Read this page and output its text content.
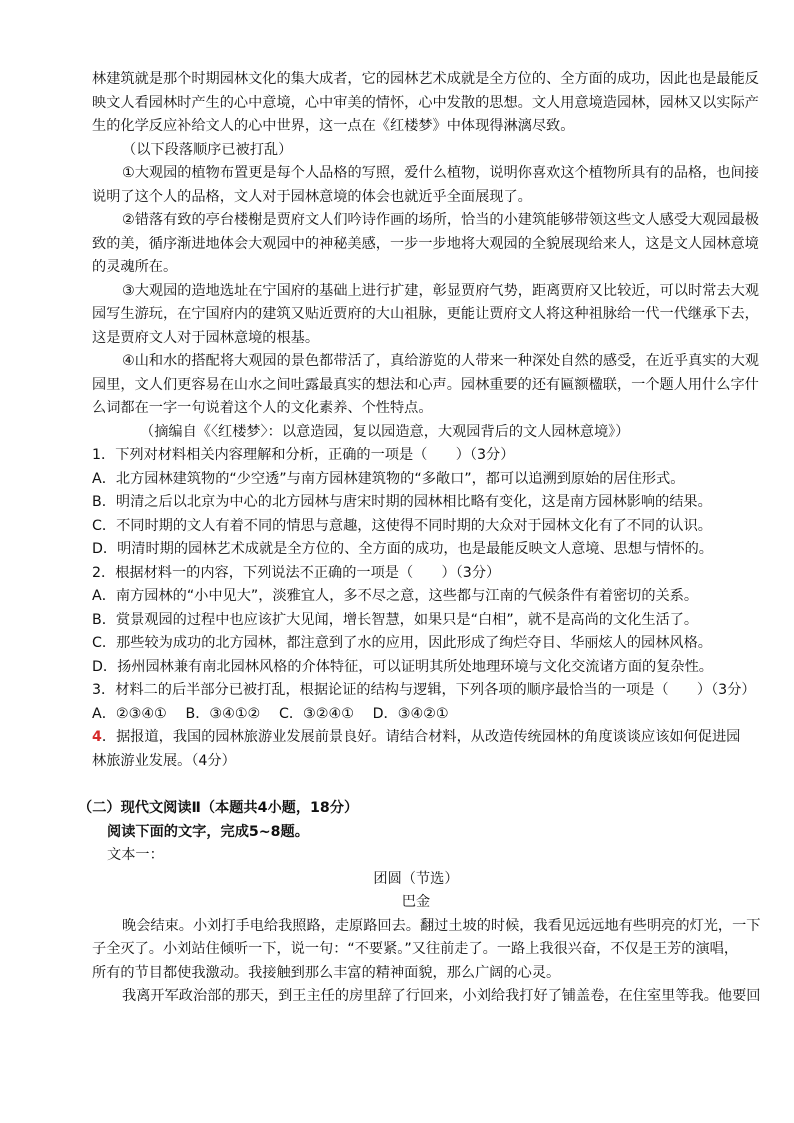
林建筑就是那个时期园林文化的集大成者，它的园林艺术成就是全方位的、全方面的成功，因此也是最能反

映文人看园林时产生的心中意境，心中审美的情怀，心中发散的思想。文人用意境造园林，园林又以实际产

生的化学反应补给文人的心中世界，这一点在《红楼梦》中体现得淋漓尽致。

（以下段落顺序已被打乱）

①大观园的植物布置更是每个人品格的写照，爱什么植物，说明你喜欢这个植物所具有的品格，也间接

说明了这个人的品格，文人对于园林意境的体会也就近乎全面展现了。

②错落有致的亭台楼榭是贾府文人们吟诗作画的场所，恰当的小建筑能够带领这些文人感受大观园最极

致的美，循序渐进地体会大观园中的神秘美感，一步一步地将大观园的全貌展现给来人，这是文人园林意境

的灵魂所在。

③大观园的造地选址在宁国府的基础上进行扩建，彰显贾府气势，距离贾府又比较近，可以时常去大观

园写生游玩，在宁国府内的建筑又贴近贾府的大山祖脉，更能让贾府文人将这种祖脉给一代一代继承下去，

这是贾府文人对于园林意境的根基。

④山和水的搭配将大观园的景色都带活了，真给游览的人带来一种深处自然的感受，在近乎真实的大观

园里，文人们更容易在山水之间吐露最真实的想法和心声。园林重要的还有匾额楹联，一个题人用什么字什

么词都在一字一句说着这个人的文化素养、个性特点。

（摘编自《〈红楼梦〉：以意造园，复以园造意，大观园背后的文人园林意境》）

1．下列对材料相关内容理解和分析，正确的一项是（　　）（3分）

A．北方园林建筑物的“少空透”与南方园林建筑物的“多敞口”，都可以追溯到原始的居住形式。

B．明清之后以北京为中心的北方园林与唐宋时期的园林相比略有变化，这是南方园林影响的结果。

C．不同时期的文人有着不同的情思与意趣，这使得不同时期的大众对于园林文化有了不同的认识。

D．明清时期的园林艺术成就是全方位的、全方面的成功，也是最能反映文人意境、思想与情怀的。

2．根据材料一的内容，下列说法不正确的一项是（　　）（3分）

A．南方园林的“小中见大”，淡雅宜人，多不尽之意，这些都与江南的气候条件有着密切的关系。

B．赏景观园的过程中也应该扩大见闻，增长智慧，如果只是“白相”，就不是高尚的文化生活了。

C．那些较为成功的北方园林，都注意到了水的应用，因此形成了绚烂夺目、华丽炫人的园林风格。

D．扬州园林兼有南北园林风格的介体特征，可以证明其所处地理环境与文化交流诸方面的复杂性。

3．材料二的后半部分已被打乱，根据论证的结构与逻辑，下列各项的顺序最恰当的一项是（　　）（3分）

A．②③④①　 B．③④①②　 C．③②④①　 D．③④②①

4．据报道，我国的园林旅游业发展前景良好。请结合材料，从改造传统园林的角度谈谈应该如何促进园

林旅游业发展。（4分）

（二）现代文阅读Ⅱ（本题共4小题，18分）

阅读下面的文字，完成5~8题。

文本一：

团圆（节选）

巴金

晚会结束。小刘打手电给我照路，走原路回去。翻过土坡的时候，我看见远远地有些明亮的灯光，一下

子全灭了。小刘站住倾听一下，说一句：“不要紧。”又往前走了。一路上我很兴奋，不仅是王芳的演唱，

所有的节目都使我激动。我接触到那么丰富的精神面貌，那么广阔的心灵。

我离开军政治部的那天，到王主任的房里辞了行回来，小刘给我打好了铺盖卷，在住室里等我。他要回
